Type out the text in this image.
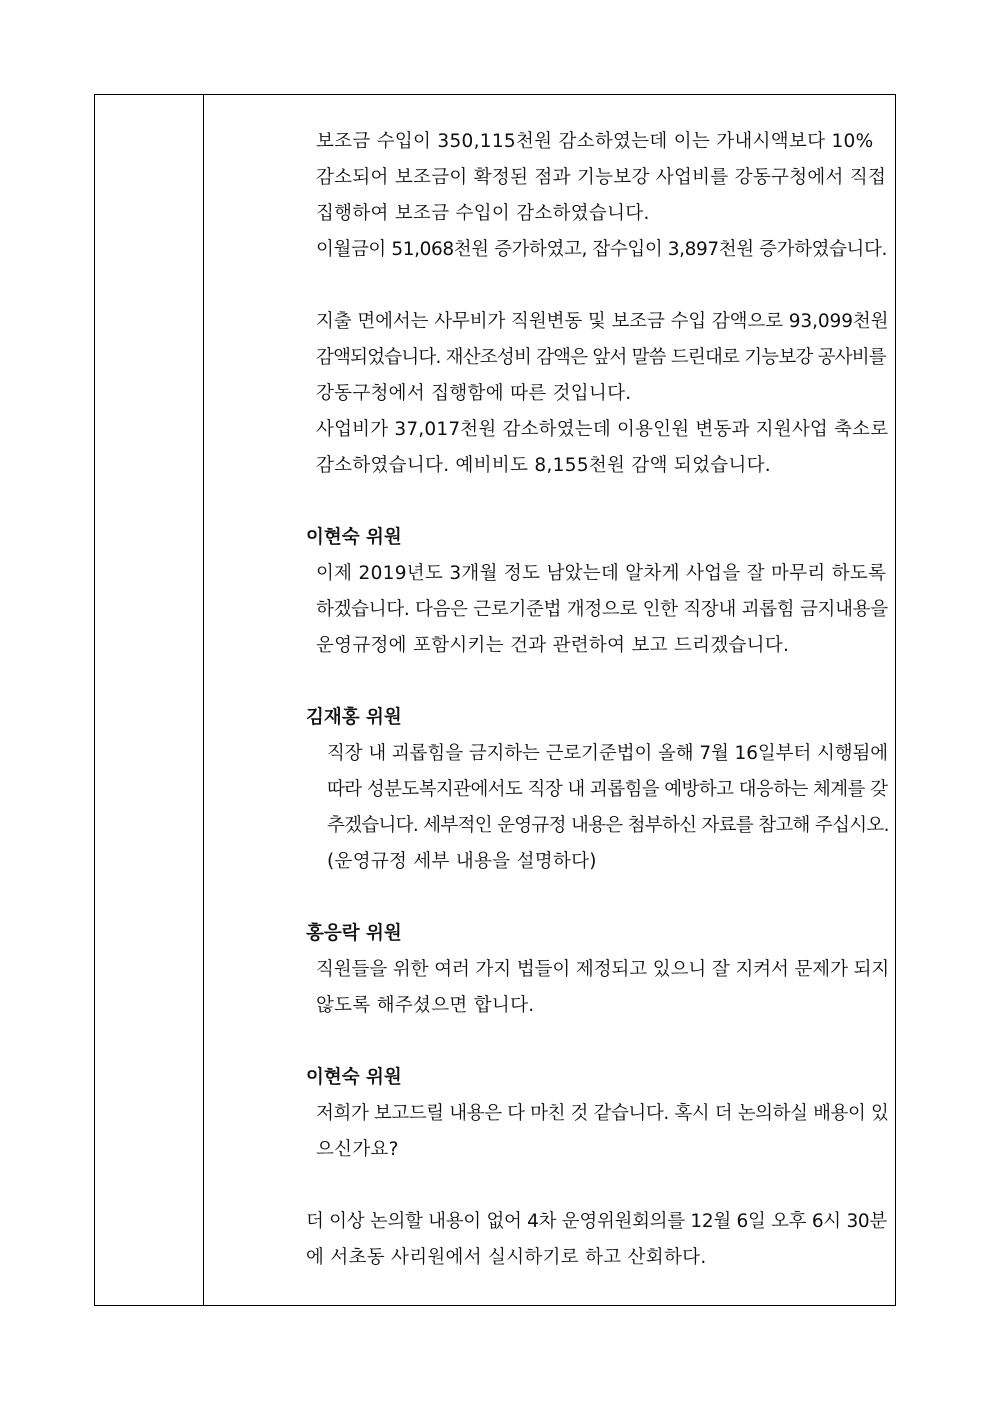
보조금 수입이 350,115천원 감소하였는데 이는 가내시액보다 10%
감소되어 보조금이 확정된 점과 기능보강 사업비를 강동구청에서 직접
집행하여 보조금 수입이 감소하였습니다.
이월금이 51,068천원 증가하였고, 잡수입이 3,897천원 증가하였습니다.
지출 면에서는 사무비가 직원변동 및 보조금 수입 감액으로 93,099천원
감액되었습니다. 재산조성비 감액은 앞서 말씀 드린대로 기능보강 공사비를
강동구청에서 집행함에 따른 것입니다.
사업비가 37,017천원 감소하였는데 이용인원 변동과 지원사업 축소로
감소하였습니다. 예비비도 8,155천원 감액 되었습니다.
이현숙 위원
이제 2019년도 3개월 정도 남았는데 알차게 사업을 잘 마무리 하도록
하겠습니다. 다음은 근로기준법 개정으로 인한 직장내 괴롭힘 금지내용을
운영규정에 포함시키는 건과 관련하여 보고 드리겠습니다.
김재홍 위원
직장 내 괴롭힘을 금지하는 근로기준법이 올해 7월 16일부터 시행됨에
따라 성분도복지관에서도 직장 내 괴롭힘을 예방하고 대응하는 체계를 갖
추겠습니다. 세부적인 운영규정 내용은 첨부하신 자료를 참고해 주십시오.
(운영규정 세부 내용을 설명하다)
홍응락 위원
직원들을 위한 여러 가지 법들이 제정되고 있으니 잘 지켜서 문제가 되지
않도록 해주셨으면 합니다.
이현숙 위원
저희가 보고드릴 내용은 다 마친 것 같습니다. 혹시 더 논의하실 배용이 있
으신가요?
더 이상 논의할 내용이 없어 4차 운영위원회의를 12월 6일 오후 6시 30분
에 서초동 사리원에서 실시하기로 하고 산회하다.
